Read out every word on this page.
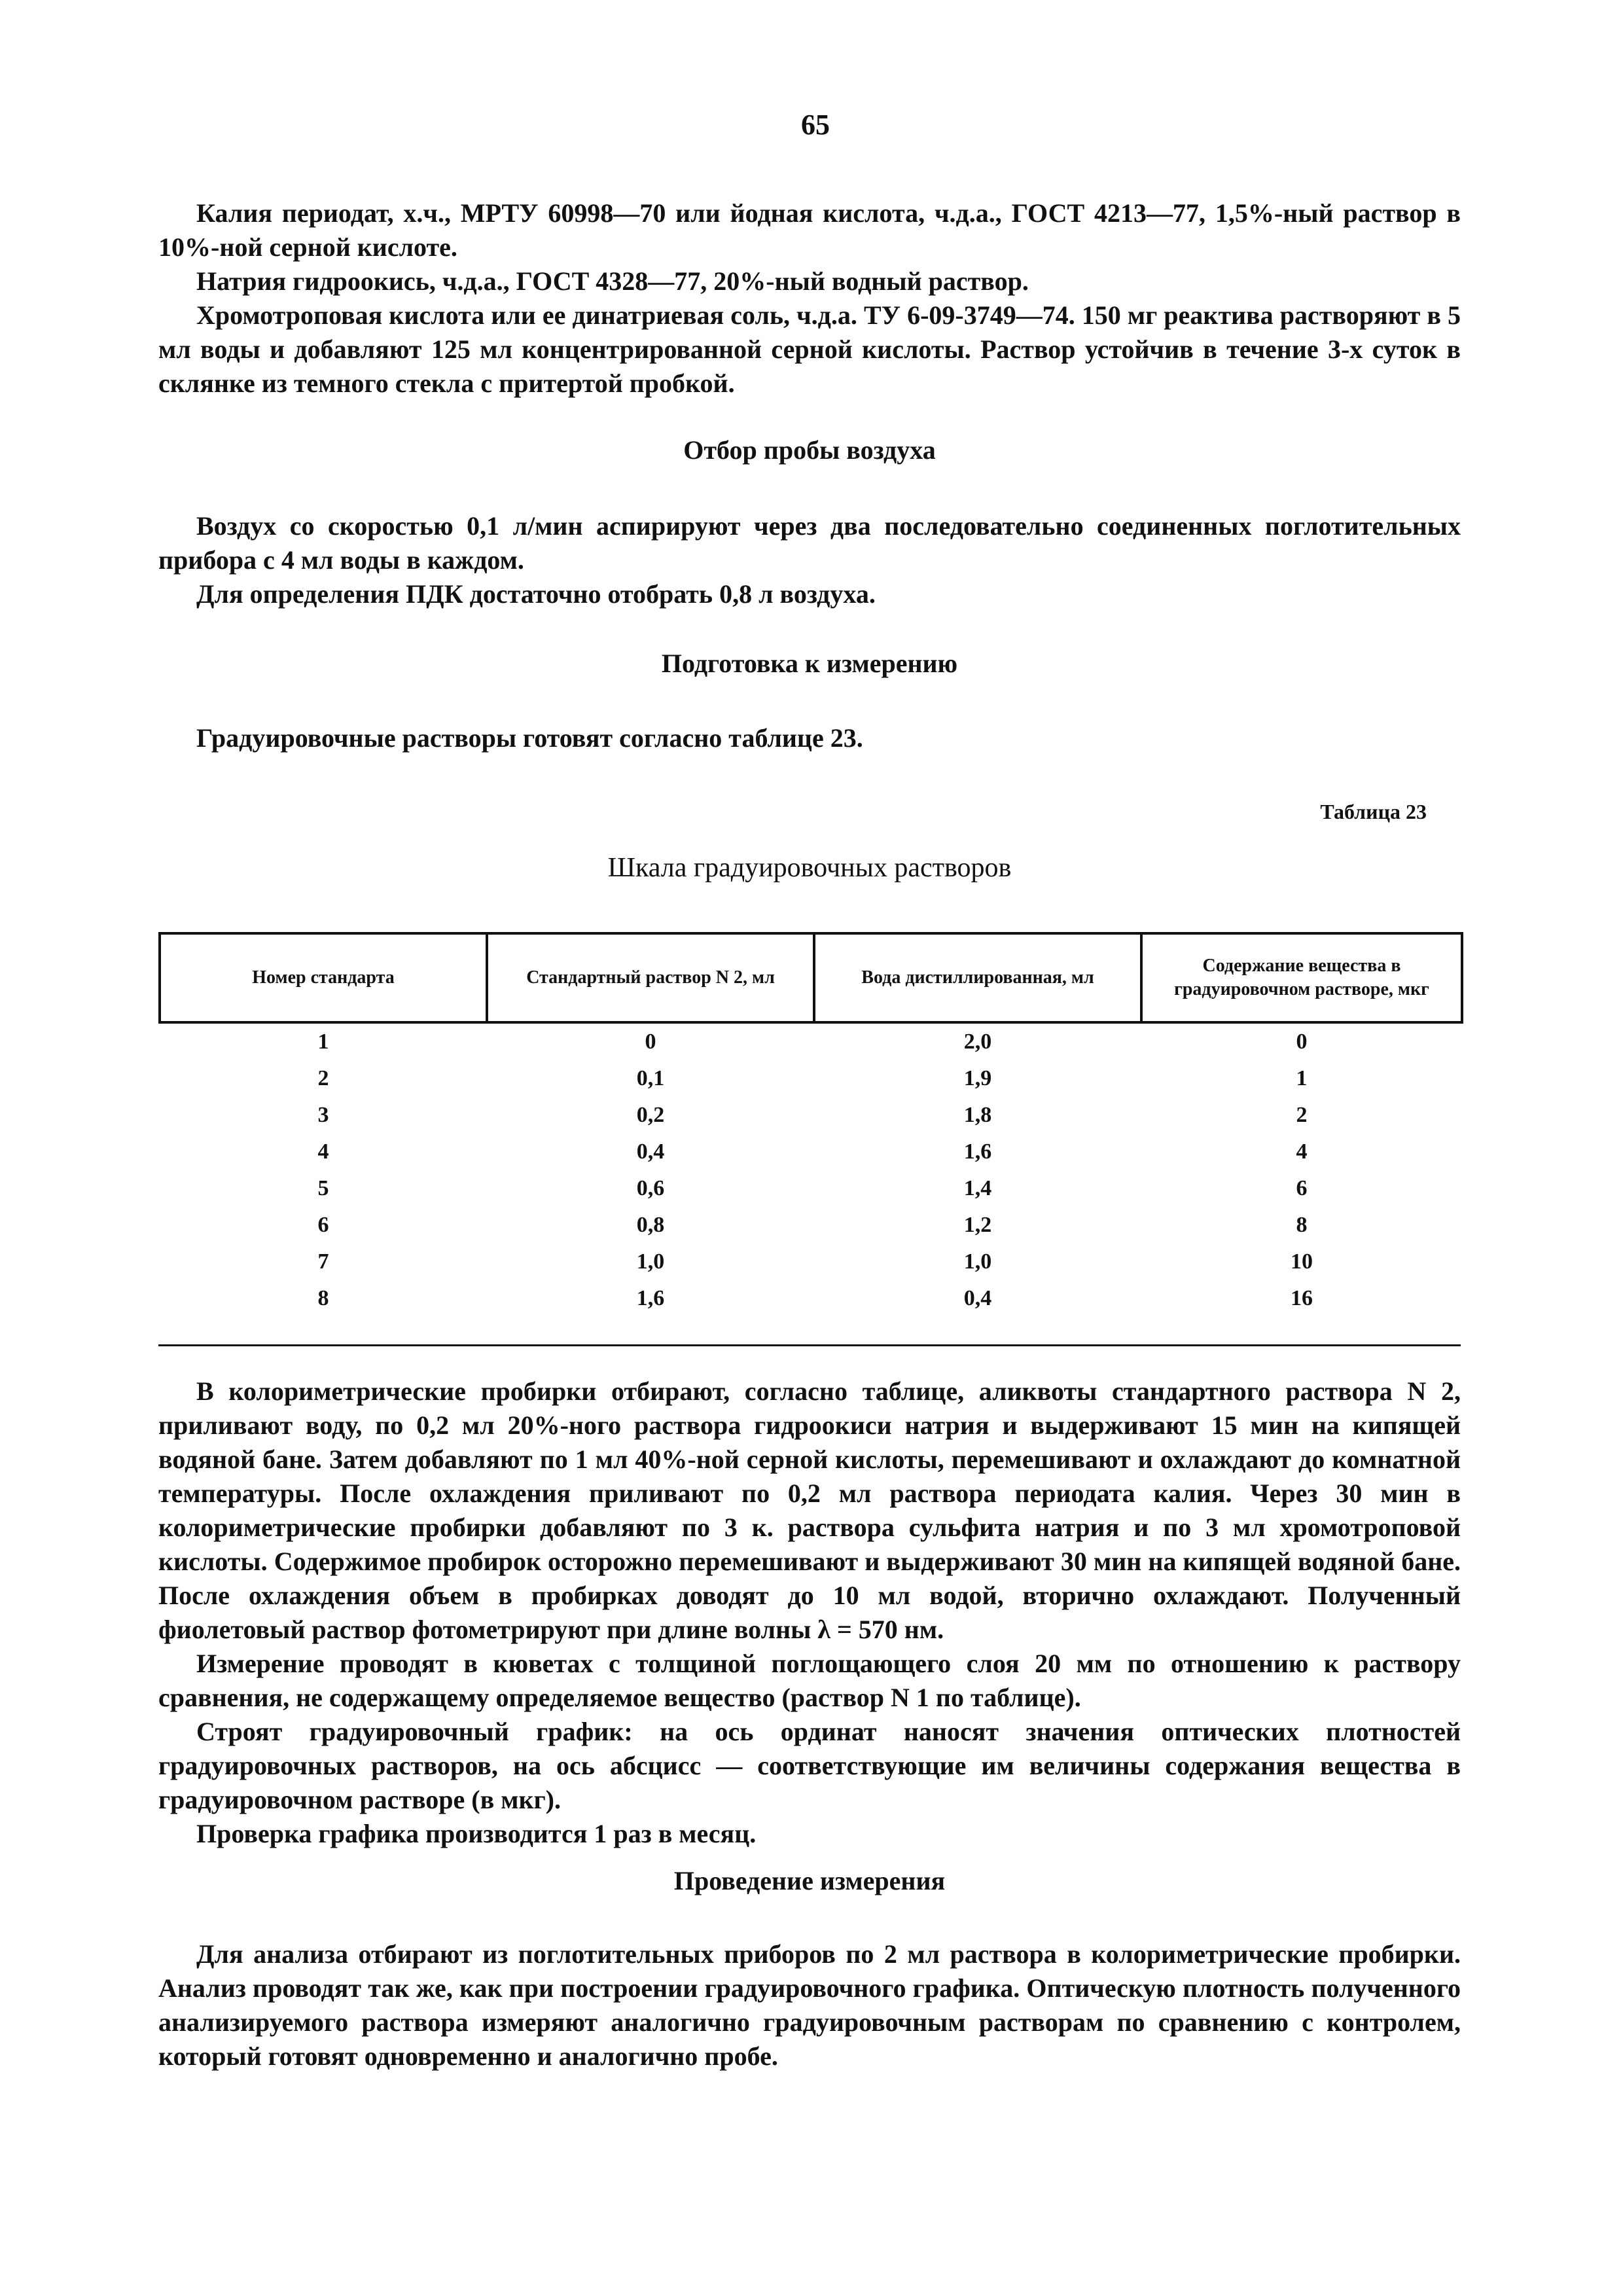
65

Калия периодат, х.ч., МРТУ 60998—70 или йодная кислота, ч.д.а., ГОСТ 4213—77, 1,5%-ный раствор в 10%-ной серной кислоте.

Натрия гидроокись, ч.д.а., ГОСТ 4328—77, 20%-ный водный раствор.

Хромотроповая кислота или ее динатриевая соль, ч.д.а. ТУ 6-09-3749—74. 150 мг реактива растворяют в 5 мл воды и добавляют 125 мл концентрированной серной кислоты. Раствор устойчив в течение 3-х суток в склянке из темного стекла с притертой пробкой.

Отбор пробы воздуха

Воздух со скоростью 0,1 л/мин аспирируют через два последовательно соединенных поглотительных прибора с 4 мл воды в каждом.

Для определения ПДК достаточно отобрать 0,8 л воздуха.

Подготовка к измерению

Градуировочные растворы готовят согласно таблице 23.

Таблица 23
Шкала градуировочных растворов
Номер стандарта	Стандартный раствор N 2, мл	Вода дистиллированная, мл	Содержание вещества в градуировочном растворе, мкг
1	0	2,0	0
2	0,1	1,9	1
3	0,2	1,8	2
4	0,4	1,6	4
5	0,6	1,4	6
6	0,8	1,2	8
7	1,0	1,0	10
8	1,6	0,4	16

В колориметрические пробирки отбирают, согласно таблице, аликвоты стандартного раствора N 2, приливают воду, по 0,2 мл 20%-ного раствора гидроокиси натрия и выдерживают 15 мин на кипящей водяной бане. Затем добавляют по 1 мл 40%-ной серной кислоты, перемешивают и охлаждают до комнатной температуры. После охлаждения приливают по 0,2 мл раствора периодата калия. Через 30 мин в колориметрические пробирки добавляют по 3 к. раствора сульфита натрия и по 3 мл хромотроповой кислоты. Содержимое пробирок осторожно перемешивают и выдерживают 30 мин на кипящей водяной бане. После охлаждения объем в пробирках доводят до 10 мл водой, вторично охлаждают. Полученный фиолетовый раствор фотометрируют при длине волны λ = 570 нм.

Измерение проводят в кюветах с толщиной поглощающего слоя 20 мм по отношению к раствору сравнения, не содержащему определяемое вещество (раствор N 1 по таблице).

Строят градуировочный график: на ось ординат наносят значения оптических плотностей градуировочных растворов, на ось абсцисс — соответствующие им величины содержания вещества в градуировочном растворе (в мкг).

Проверка графика производится 1 раз в месяц.

Проведение измерения

Для анализа отбирают из поглотительных приборов по 2 мл раствора в колориметрические пробирки. Анализ проводят так же, как при построении градуировочного графика. Оптическую плотность полученного анализируемого раствора измеряют аналогично градуировочным растворам по сравнению с контролем, который готовят одновременно и аналогично пробе.
